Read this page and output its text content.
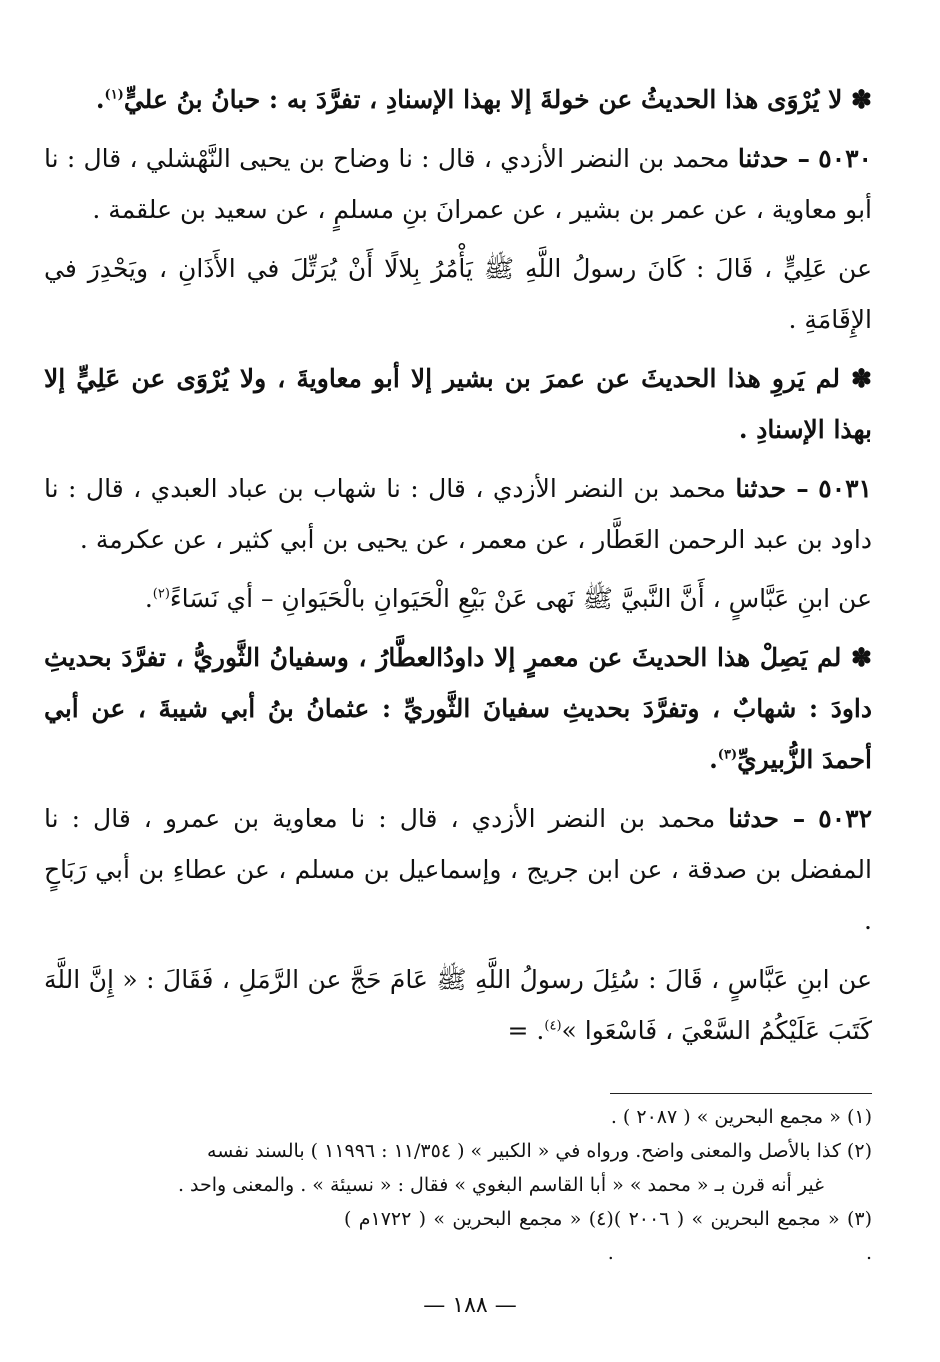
✽ لا يُرْوَى هذا الحديثُ عن خولةَ إلا بهذا الإسنادِ ، تفرَّدَ به : حبانُ بنُ عليٍّ$^{(١)}$.

٥٠٣٠ – حدثنا محمد بن النضر الأزدي ، قال : نا وضاح بن يحيى النَّهْشلي ، قال : نا أبو معاوية ، عن عمر بن بشير ، عن عمرانَ بنِ مسلمٍ ، عن سعيد بن علقمة .

عن عَلِيٍّ ، قَالَ : كَانَ رسولُ اللَّهِ ﷺ يَأْمُرُ بِلالًا أَنْ يُرَتِّلَ في الأَذَانِ ، ويَحْدِرَ في الإِقَامَةِ .

✽ لم يَروِ هذا الحديثَ عن عمرَ بن بشير إلا أبو معاويةَ ، ولا يُرْوَى عن عَلِيٍّ إلا بهذا الإسنادِ .

٥٠٣١ – حدثنا محمد بن النضر الأزدي ، قال : نا شهاب بن عباد العبدي ، قال : نا داود بن عبد الرحمن العَطَّار ، عن معمر ، عن يحيى بن أبي كثير ، عن عكرمة .

عن ابنِ عَبَّاسٍ ، أَنَّ النَّبيَّ ﷺ نَهى عَنْ بَيْعِ الْحَيَوانِ بالْحَيَوانِ – أي نَسَاءً$^{(٢)}$.

✽ لم يَصِلْ هذا الحديثَ عن معمرٍ إلا داودُالعطَّارُ ، وسفيانُ الثَّوريُّ ، تفرَّدَ بحديثِ داودَ : شهابٌ ، وتفرَّدَ بحديثِ سفيانَ الثَّوريِّ : عثمانُ بنُ أبي شيبةَ ، عن أبي أحمدَ الزُّبيريِّ$^{(٣)}$.

٥٠٣٢ – حدثنا محمد بن النضر الأزدي ، قال : نا معاوية بن عمرو ، قال : نا المفضل بن صدقة ، عن ابن جريج ، وإسماعيل بن مسلم ، عن عطاءِ بن أبي رَبَاحٍ .

عن ابنِ عَبَّاسٍ ، قَالَ : سُئِلَ رسولُ اللَّهِ ﷺ عَامَ حَجَّ عن الرَّمَلِ ، فَقَالَ : « إِنَّ اللَّهَ كَتَبَ عَلَيْكُمُ السَّعْيَ ، فَاسْعَوا »$^{(٤)}$. =

(١) « مجمع البحرين » ( ٢٠٨٧ ) .

(٢) كذا بالأصل والمعنى واضح. ورواه في « الكبير » ( ١١/٣٥٤ : ١١٩٩٦ ) بالسند نفسه

غير أنه قرن بـ « محمد » « أبا القاسم البغوي » فقال : « نسيئة » . والمعنى واحد .

(٣) « مجمع البحرين » ( ٢٠٠٦ ) .
(٤) « مجمع البحرين » ( ١٧٢٢م ) .
— ١٨٨ —
